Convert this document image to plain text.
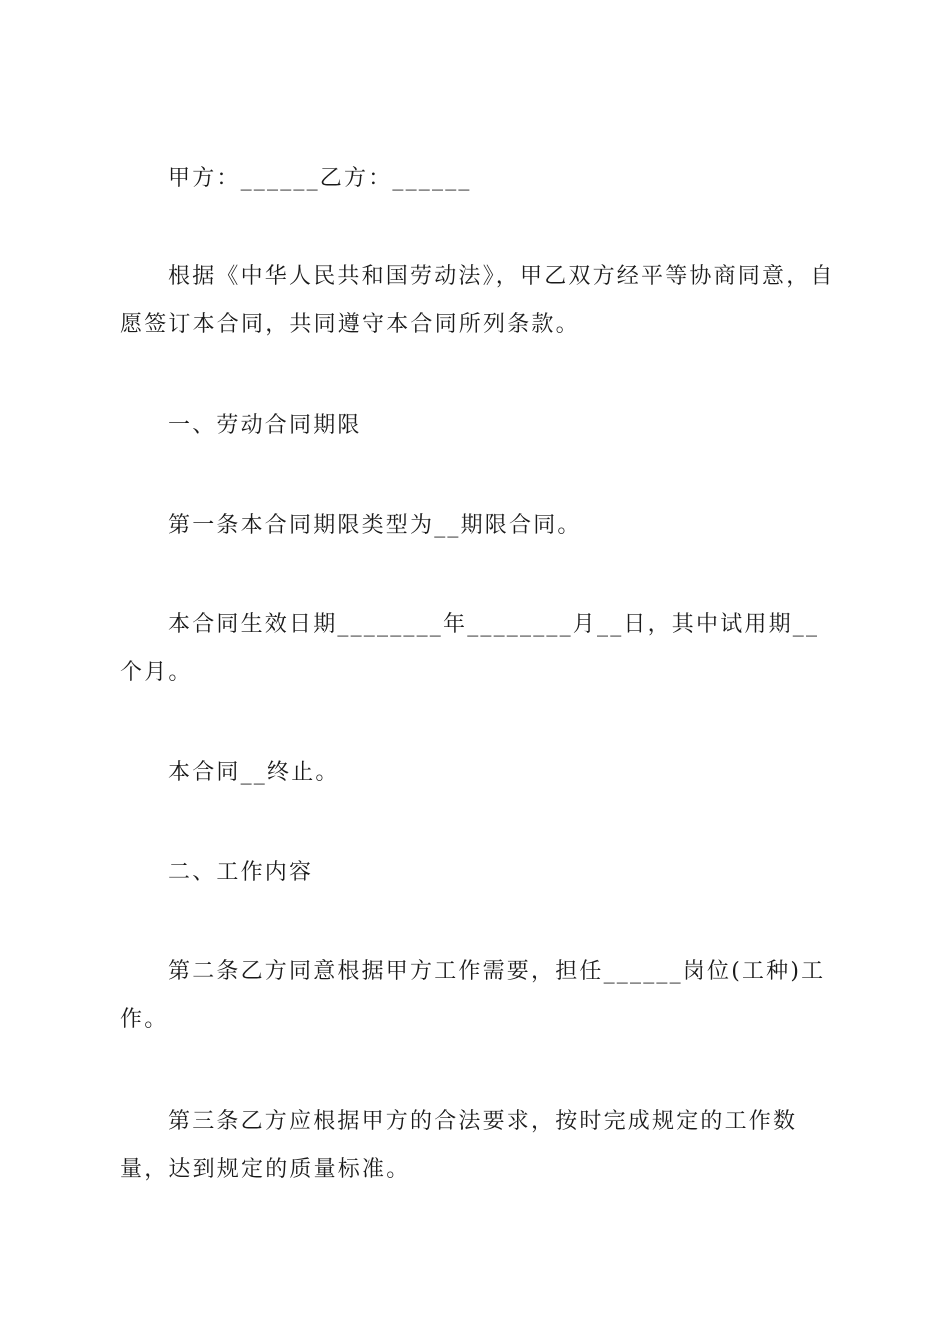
甲方：______乙方：______

根据《中华人民共和国劳动法》，甲乙双方经平等协商同意，自愿签订本合同，共同遵守本合同所列条款。

一、劳动合同期限

第一条本合同期限类型为__期限合同。

本合同生效日期________年________月__日，其中试用期__个月。

本合同__终止。

二、工作内容

第二条乙方同意根据甲方工作需要，担任______岗位(工种)工作。

第三条乙方应根据甲方的合法要求，按时完成规定的工作数量，达到规定的质量标准。
